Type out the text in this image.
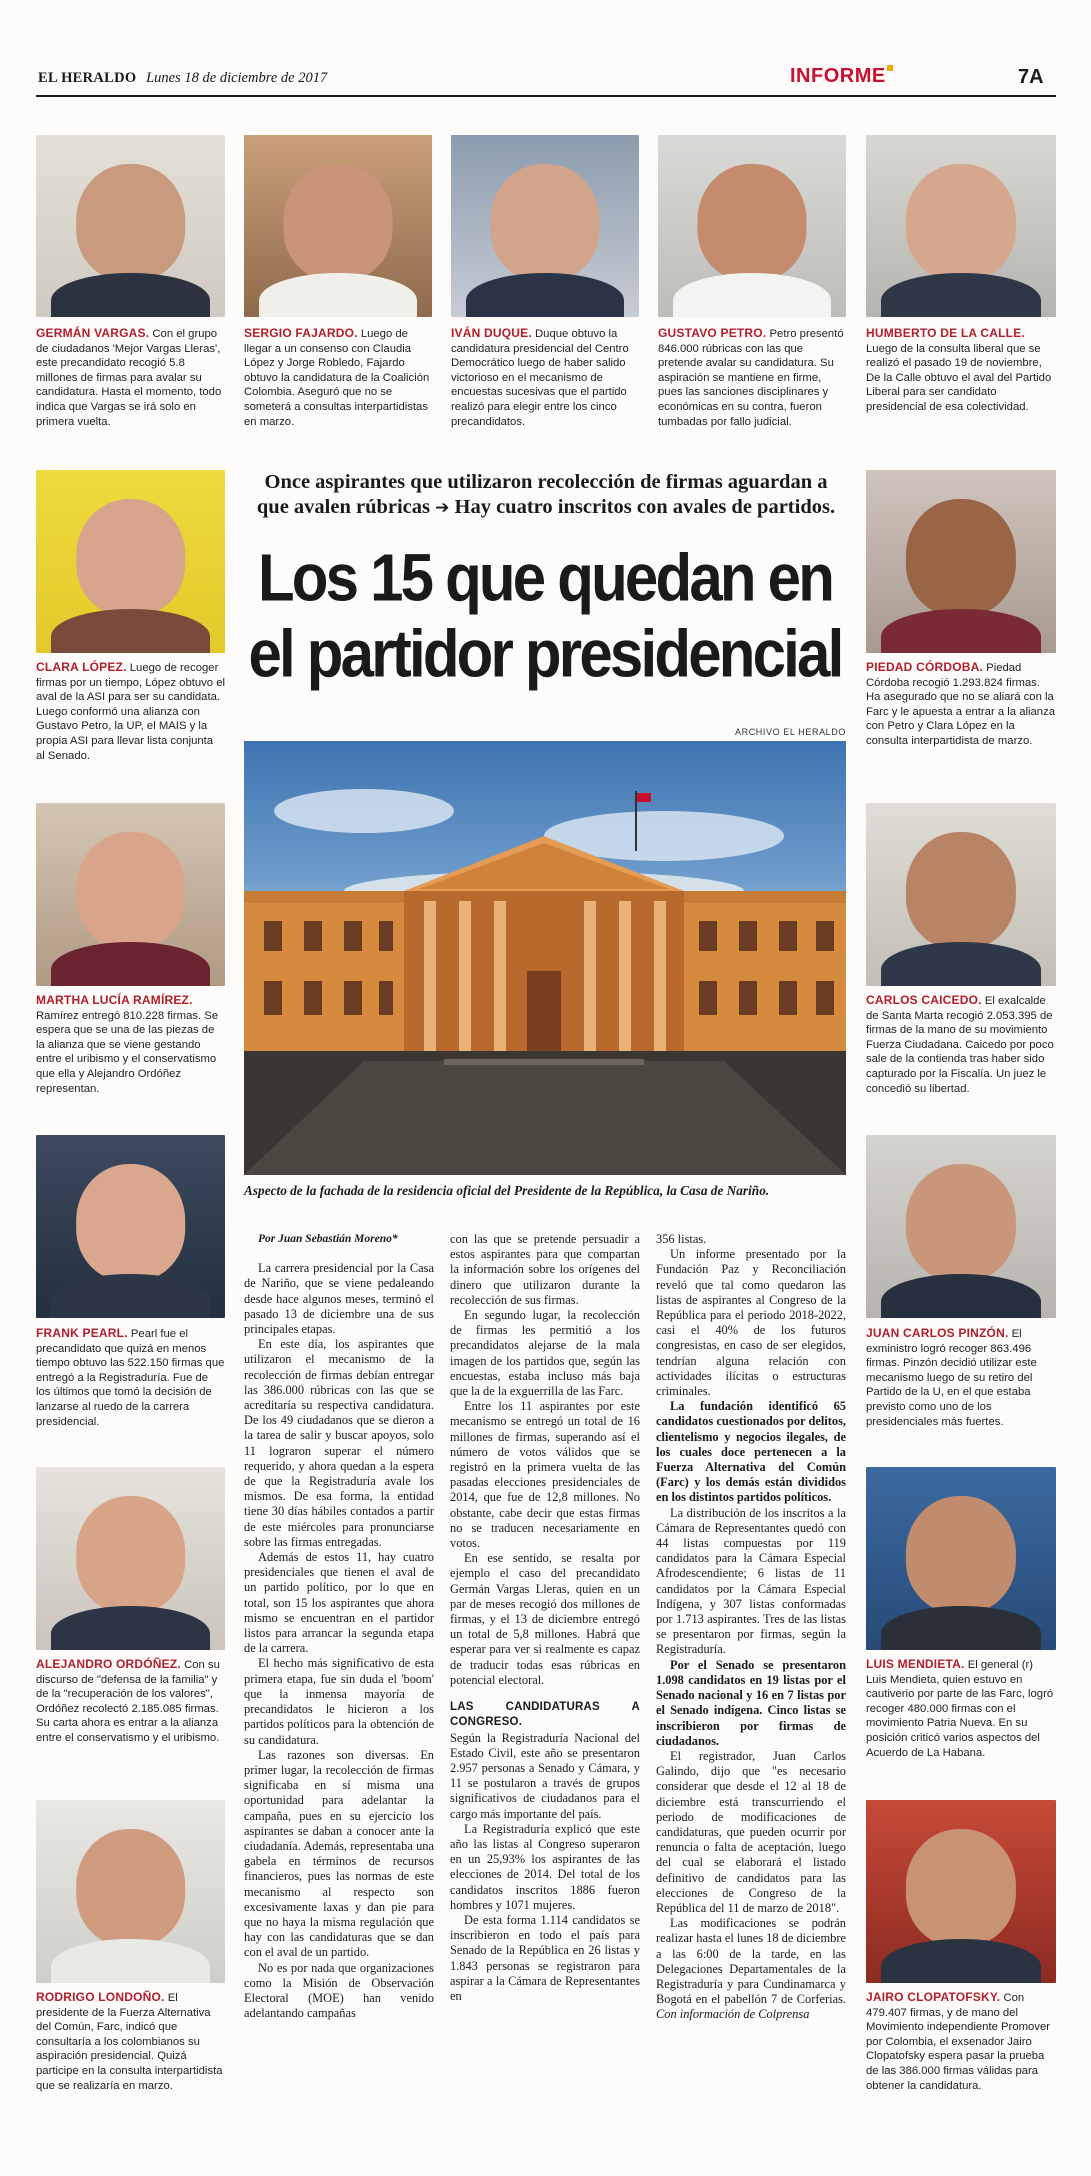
EL HERALDO Lunes 18 de diciembre de 2017	INFORME	7A
GERMÁN VARGAS. Con el grupo de ciudadanos 'Mejor Vargas Lleras', este precandidato recogió 5.8 millones de firmas para avalar su candidatura. Hasta el momento, todo indica que Vargas se irá solo en primera vuelta.
SERGIO FAJARDO. Luego de llegar a un consenso con Claudia López y Jorge Robledo, Fajardo obtuvo la candidatura de la Coalición Colombia. Aseguró que no se someterá a consultas interpartidistas en marzo.
IVÁN DUQUE. Duque obtuvo la candidatura presidencial del Centro Democrático luego de haber salido victorioso en el mecanismo de encuestas sucesivas que el partido realizó para elegir entre los cinco precandidatos.
GUSTAVO PETRO. Petro presentó 846.000 rúbricas con las que pretende avalar su candidatura. Su aspiración se mantiene en firme, pues las sanciones disciplinares y económicas en su contra, fueron tumbadas por fallo judicial.
HUMBERTO DE LA CALLE. Luego de la consulta liberal que se realizó el pasado 19 de noviembre, De la Calle obtuvo el aval del Partido Liberal para ser candidato presidencial de esa colectividad.
CLARA LÓPEZ. Luego de recoger firmas por un tiempo, López obtuvo el aval de la ASI para ser su candidata. Luego conformó una alianza con Gustavo Petro, la UP, el MAIS y la propia ASI para llevar lista conjunta al Senado.
MARTHA LUCÍA RAMÍREZ. Ramírez entregó 810.228 firmas. Se espera que se una de las piezas de la alianza que se viene gestando entre el uribismo y el conservatismo que ella y Alejandro Ordóñez representan.
FRANK PEARL. Pearl fue el precandidato que quizá en menos tiempo obtuvo las 522.150 firmas que entregó a la Registraduría. Fue de los últimos que tomó la decisión de lanzarse al ruedo de la carrera presidencial.
ALEJANDRO ORDÓÑEZ. Con su discurso de "defensa de la familia" y de la "recuperación de los valores", Ordóñez recolectó 2.185.085 firmas. Su carta ahora es entrar a la alianza entre el conservatismo y el uribismo.
RODRIGO LONDOÑO. El presidente de la Fuerza Alternativa del Común, Farc, indicó que consultaría a los colombianos su aspiración presidencial. Quizá participe en la consulta interpartidista que se realizaría en marzo.
PIEDAD CÓRDOBA. Piedad Córdoba recogió 1.293.824 firmas. Ha asegurado que no se aliará con la Farc y le apuesta a entrar a la alianza con Petro y Clara López en la consulta interpartidista de marzo.
CARLOS CAICEDO. El exalcalde de Santa Marta recogió 2.053.395 de firmas de la mano de su movimiento Fuerza Ciudadana. Caicedo por poco sale de la contienda tras haber sido capturado por la Fiscalía. Un juez le concedió su libertad.
JUAN CARLOS PINZÓN. El exministro logró recoger 863.496 firmas. Pinzón decidió utilizar este mecanismo luego de su retiro del Partido de la U, en el que estaba previsto como uno de los presidenciales más fuertes.
LUIS MENDIETA. El general (r) Luis Mendieta, quien estuvo en cautiverio por parte de las Farc, logró recoger 480.000 firmas con el movimiento Patria Nueva. En su posición criticó varios aspectos del Acuerdo de La Habana.
JAIRO CLOPATOFSKY. Con 479.407 firmas, y de mano del Movimiento independiente Promover por Colombia, el exsenador Jairo Clopatofsky espera pasar la prueba de las 386.000 firmas válidas para obtener la candidatura.
Once aspirantes que utilizaron recolección de firmas aguardan a
que avalen rúbricas ➔ Hay cuatro inscritos con avales de partidos.
Los 15 que quedan en
el partidor presidencial
ARCHIVO EL HERALDO
Aspecto de la fachada de la residencia oficial del Presidente de la República, la Casa de Nariño.

Por Juan Sebastián Moreno*

La carrera presidencial por la Casa de Nariño, que se viene pedaleando desde hace algunos meses, terminó el pasado 13 de diciembre una de sus principales etapas.

En este día, los aspirantes que utilizaron el mecanismo de la recolección de firmas debían entregar las 386.000 rúbricas con las que se acreditaría su respectiva candidatura. De los 49 ciudadanos que se dieron a la tarea de salir y buscar apoyos, solo 11 lograron superar el número requerido, y ahora quedan a la espera de que la Registraduría avale los mismos. De esa forma, la entidad tiene 30 días hábiles contados a partir de este miércoles para pronunciarse sobre las firmas entregadas.

Además de estos 11, hay cuatro presidenciales que tienen el aval de un partido político, por lo que en total, son 15 los aspirantes que ahora mismo se encuentran en el partidor listos para arrancar la segunda etapa de la carrera.

El hecho más significativo de esta primera etapa, fue sin duda el 'boom' que la inmensa mayoría de precandidatos le hicieron a los partidos políticos para la obtención de su candidatura.

Las razones son diversas. En primer lugar, la recolección de firmas significaba en sí misma una oportunidad para adelantar la campaña, pues en su ejercicio los aspirantes se daban a conocer ante la ciudadanía. Además, representaba una gabela en términos de recursos financieros, pues las normas de este mecanismo al respecto son excesivamente laxas y dan pie para que no haya la misma regulación que hay con las candidaturas que se dan con el aval de un partido.

No es por nada que organizaciones como la Misión de Observación Electoral (MOE) han venido adelantando campañas

con las que se pretende persuadir a estos aspirantes para que compartan la información sobre los orígenes del dinero que utilizaron durante la recolección de sus firmas.

En segundo lugar, la recolección de firmas les permitió a los precandidatos alejarse de la mala imagen de los partidos que, según las encuestas, estaba incluso más baja que la de la exguerrilla de las Farc.

Entre los 11 aspirantes por este mecanismo se entregó un total de 16 millones de firmas, superando así el número de votos válidos que se registró en la primera vuelta de las pasadas elecciones presidenciales de 2014, que fue de 12,8 millones. No obstante, cabe decir que estas firmas no se traducen necesariamente en votos.

En ese sentido, se resalta por ejemplo el caso del precandidato Germán Vargas Lleras, quien en un par de meses recogió dos millones de firmas, y el 13 de diciembre entregó un total de 5,8 millones. Habrá que esperar para ver si realmente es capaz de traducir todas esas rúbricas en potencial electoral.

LAS CANDIDATURAS A CONGRESO.

Según la Registraduría Nacional del Estado Civil, este año se presentaron 2.957 personas a Senado y Cámara, y 11 se postularon a través de grupos significativos de ciudadanos para el cargo más importante del país.

La Registraduría explicó que este año las listas al Congreso superaron en un 25,93% los aspirantes de las elecciones de 2014. Del total de los candidatos inscritos 1886 fueron hombres y 1071 mujeres.

De esta forma 1.114 candidatos se inscribieron en todo el país para Senado de la República en 26 listas y 1.843 personas se registraron para aspirar a la Cámara de Representantes en

356 listas.

Un informe presentado por la Fundación Paz y Reconciliación reveló que tal como quedaron las listas de aspirantes al Congreso de la República para el periodo 2018-2022, casi el 40% de los futuros congresistas, en caso de ser elegidos, tendrían alguna relación con actividades ilícitas o estructuras criminales.

La fundación identificó 65 candidatos cuestionados por delitos, clientelismo y negocios ilegales, de los cuales doce pertenecen a la Fuerza Alternativa del Común (Farc) y los demás están divididos en los distintos partidos políticos.

La distribución de los inscritos a la Cámara de Representantes quedó con 44 listas compuestas por 119 candidatos para la Cámara Especial Afrodescendiente; 6 listas de 11 candidatos por la Cámara Especial Indígena, y 307 listas conformadas por 1.713 aspirantes. Tres de las listas se presentaron por firmas, según la Registraduría.

Por el Senado se presentaron 1.098 candidatos en 19 listas por el Senado nacional y 16 en 7 listas por el Senado indígena. Cinco listas se inscribieron por firmas de ciudadanos.

El registrador, Juan Carlos Galindo, dijo que "es necesario considerar que desde el 12 al 18 de diciembre está transcurriendo el periodo de modificaciones de candidaturas, que pueden ocurrir por renuncia o falta de aceptación, luego del cual se elaborará el listado definitivo de candidatos para las elecciones de Congreso de la República del 11 de marzo de 2018".

Las modificaciones se podrán realizar hasta el lunes 18 de diciembre a las 6:00 de la tarde, en las Delegaciones Departamentales de la Registraduría y para Cundinamarca y Bogotá en el pabellón 7 de Corferias. Con información de Colprensa
